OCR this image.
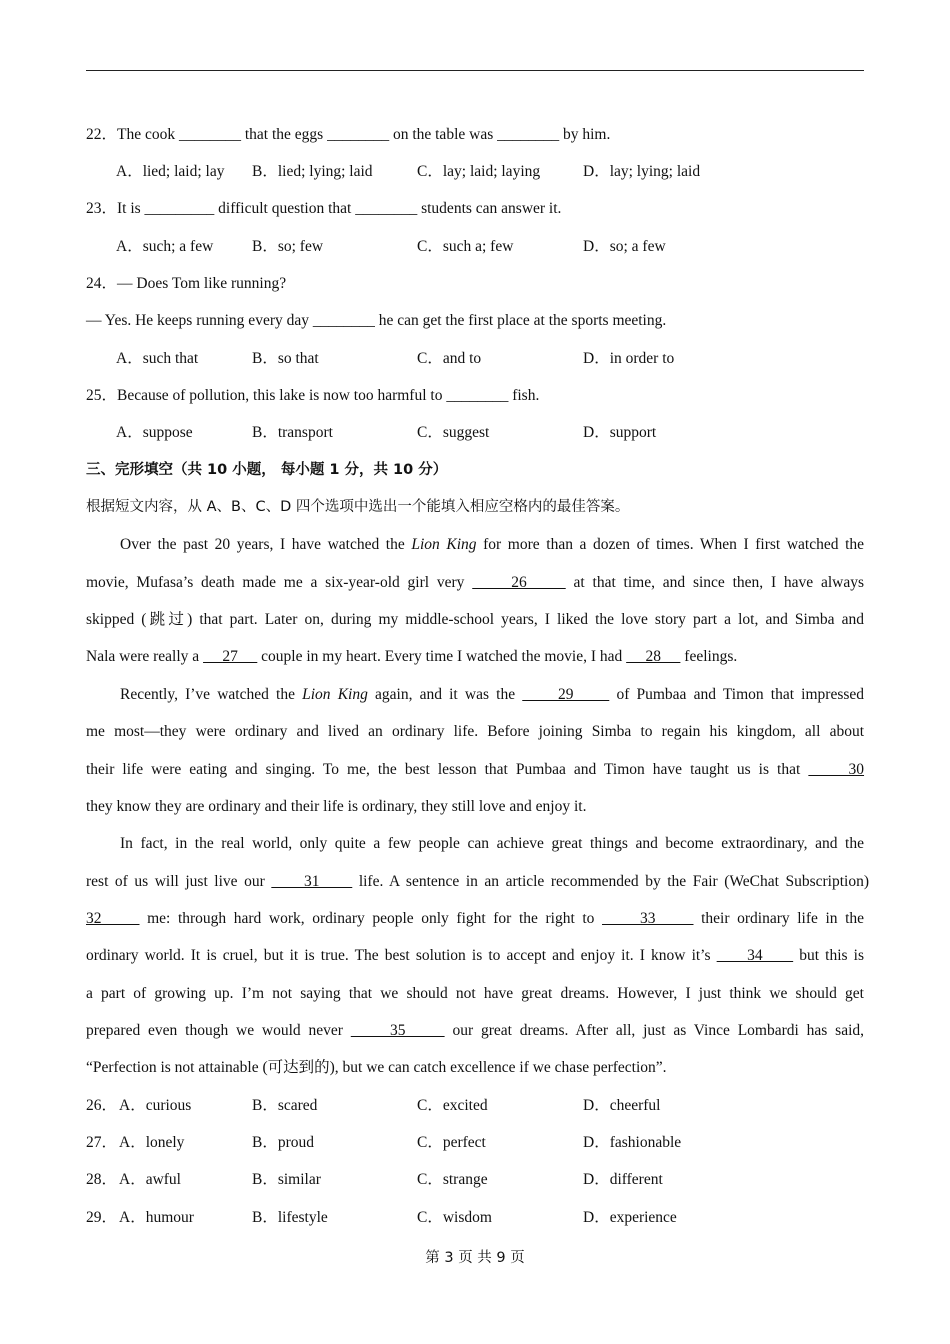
22．The cook ________ that the eggs ________ on the table was ________ by him.
A．lied; laid; lay B．lied; lying; laid	C．lay; laid; laying	D．lay; lying; laid
23．It is _________ difficult question that ________ students can answer it.
A．such; a few B．so; few	C．such a; few	D．so; a few
24．— Does Tom like running?
— Yes. He keeps running every day ________ he can get the first place at the sports meeting.
A．such that	B．so that	C．and to	D．in order to
25．Because of pollution, this lake is now too harmful to ________ fish.
A．suppose	B．transport	C．suggest	D．support
三、完形填空（共 10 小题， 每小题 1 分，共 10 分）
根据短文内容，从 A、B、C、D 四个选项中选出一个能填入相应空格内的最佳答案。
Over the past 20 years, I have watched the Lion King for more than a dozen of times. When I first watched the
movie, Mufasa’s death made me a six-year-old girl very      26      at that time, and since then, I have always
skipped (跳过) that part. Later on, during my middle-school years, I liked the love story part a lot, and Simba and
Nala were really a      27      couple in my heart. Every time I watched the movie, I had      28      feelings.
Recently, I’ve watched the Lion King again, and it was the      29      of Pumbaa and Timon that impressed
me most—they were ordinary and lived an ordinary life. Before joining Simba to regain his kingdom, all about
their life were eating and singing. To me, the best lesson that Pumbaa and Timon have taught us is that      30
they know they are ordinary and their life is ordinary, they still love and enjoy it.
In fact, in the real world, only quite a few people can achieve great things and become extraordinary, and the
rest of us will just live our      31      life. A sentence in an article recommended by the Fair (WeChat Subscription)
32      me: through hard work, ordinary people only fight for the right to      33      their ordinary life in the
ordinary world. It is cruel, but it is true. The best solution is to accept and enjoy it. I know it’s      34      but this is
a part of growing up. I’m not saying that we should not have great dreams. However, I just think we should get
prepared even though we would never      35      our great dreams. After all, just as Vince Lombardi has said,
“Perfection is not attainable (可达到的), but we can catch excellence if we chase perfection”.
26． A．curious	B．scared	C．excited	D．cheerful
27． A．lonely	B．proud	C．perfect	D．fashionable
28． A．awful	B．similar	C．strange	D．different
29． A．humour	B．lifestyle	C．wisdom	D．experience
第 3 页 共 9 页
